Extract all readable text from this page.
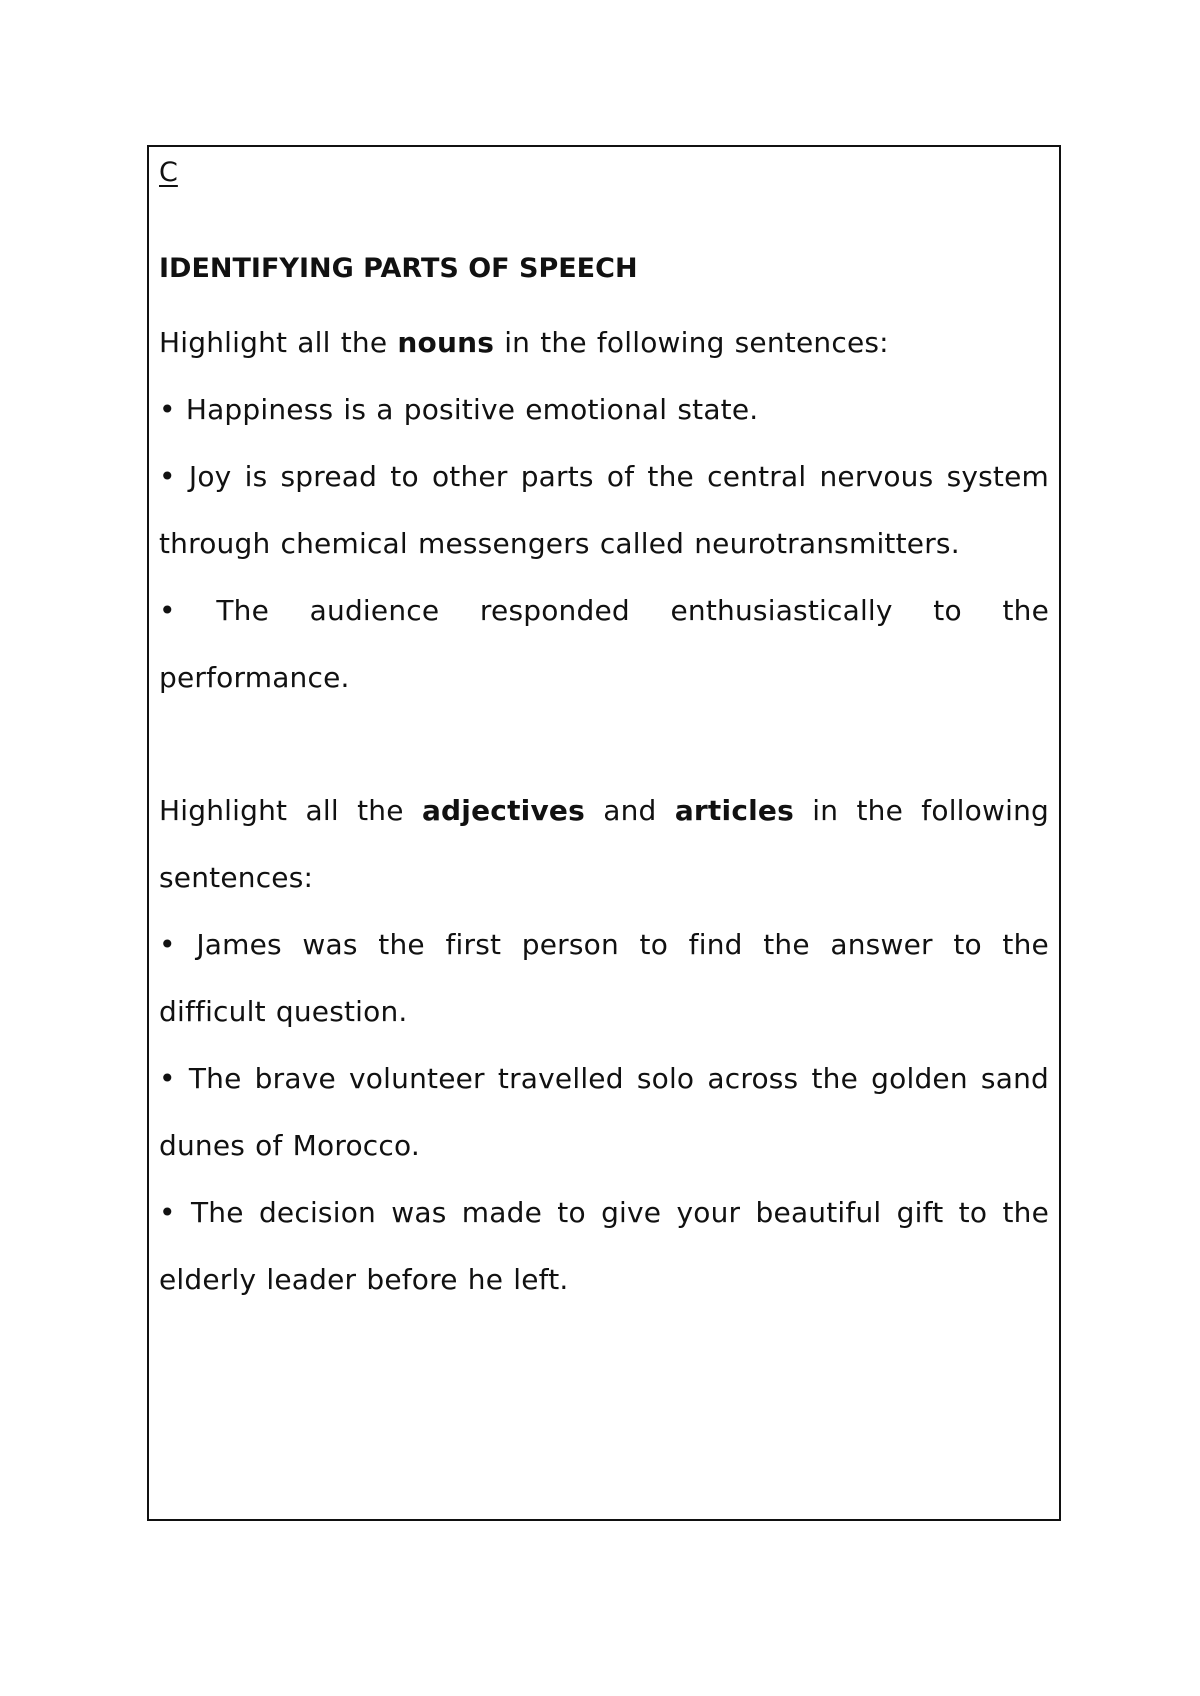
C
IDENTIFYING PARTS OF SPEECH
Highlight all the nouns in the following sentences:

• Happiness is a positive emotional state.

• Joy is spread to other parts of the central nervous system through chemical messengers called neurotransmitters.

• The audience responded enthusiastically to the performance.

Highlight all the adjectives and articles in the following sentences:

• James was the first person to find the answer to the difficult question.

• The brave volunteer travelled solo across the golden sand dunes of Morocco.

• The decision was made to give your beautiful gift to the elderly leader before he left.
